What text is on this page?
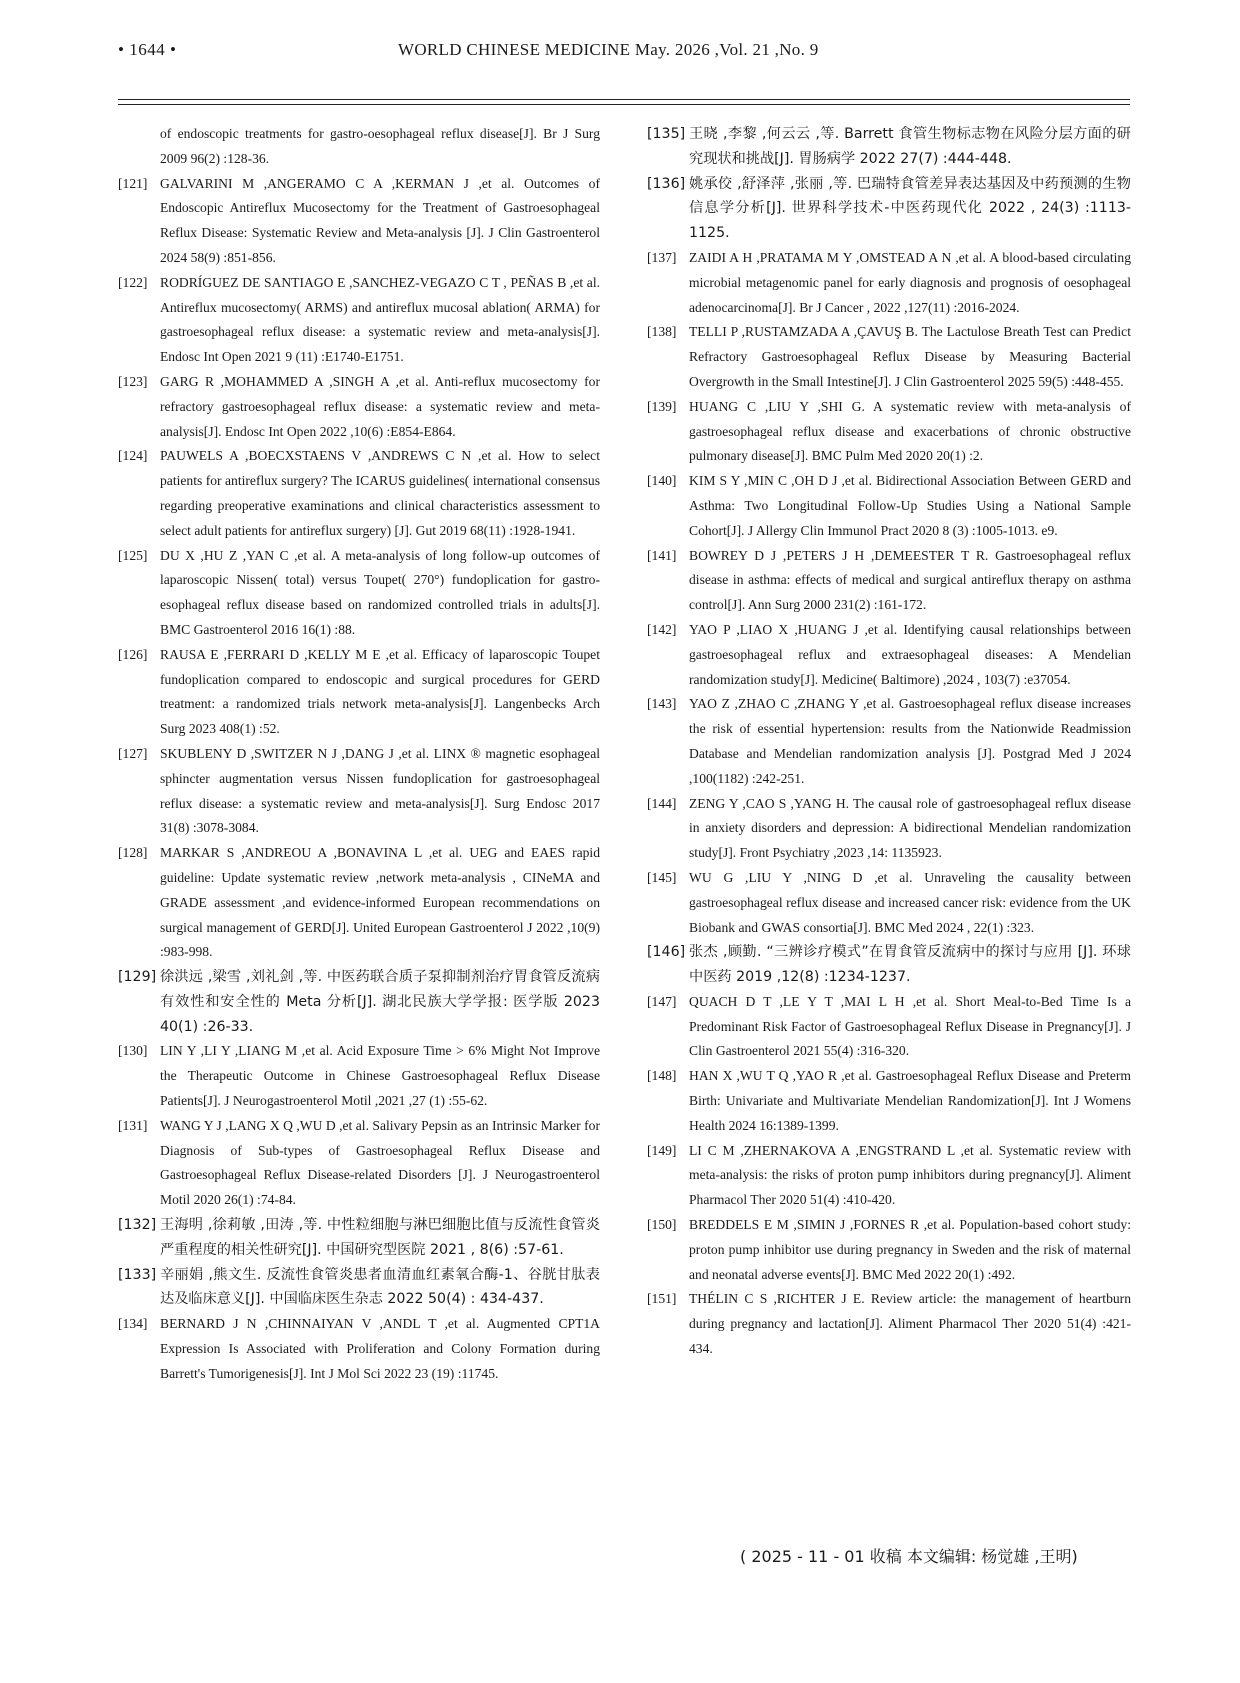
• 1644 •	WORLD CHINESE MEDICINE May. 2026 ,Vol. 21 ,No. 9

of endoscopic treatments for gastro-oesophageal reflux disease[J]. Br J Surg 2009 96(2) :128-36.

[121] GALVARINI M ,ANGERAMO C A ,KERMAN J ,et al. Outcomes of Endoscopic Antireflux Mucosectomy for the Treatment of Gastroesophageal Reflux Disease: Systematic Review and Meta-analysis [J]. J Clin Gastroenterol 2024 58(9) :851-856.

[122] RODRÍGUEZ DE SANTIAGO E ,SANCHEZ-VEGAZO C T , PEÑAS B ,et al. Antireflux mucosectomy( ARMS) and antireflux mucosal ablation( ARMA) for gastroesophageal reflux disease: a systematic review and meta-analysis[J]. Endosc Int Open 2021 9 (11) :E1740-E1751.

[123] GARG R ,MOHAMMED A ,SINGH A ,et al. Anti-reflux mucosectomy for refractory gastroesophageal reflux disease: a systematic review and meta-analysis[J]. Endosc Int Open 2022 ,10(6) :E854-E864.

[124] PAUWELS A ,BOECXSTAENS V ,ANDREWS C N ,et al. How to select patients for antireflux surgery? The ICARUS guidelines( international consensus regarding preoperative examinations and clinical characteristics assessment to select adult patients for antireflux surgery) [J]. Gut 2019 68(11) :1928-1941.

[125] DU X ,HU Z ,YAN C ,et al. A meta-analysis of long follow-up outcomes of laparoscopic Nissen( total) versus Toupet( 270°) fundoplication for gastro-esophageal reflux disease based on randomized controlled trials in adults[J]. BMC Gastroenterol 2016 16(1) :88.

[126] RAUSA E ,FERRARI D ,KELLY M E ,et al. Efficacy of laparoscopic Toupet fundoplication compared to endoscopic and surgical procedures for GERD treatment: a randomized trials network meta-analysis[J]. Langenbecks Arch Surg 2023 408(1) :52.

[127] SKUBLENY D ,SWITZER N J ,DANG J ,et al. LINX ® magnetic esophageal sphincter augmentation versus Nissen fundoplication for gastroesophageal reflux disease: a systematic review and meta-analysis[J]. Surg Endosc 2017 31(8) :3078-3084.

[128] MARKAR S ,ANDREOU A ,BONAVINA L ,et al. UEG and EAES rapid guideline: Update systematic review ,network meta-analysis , CINeMA and GRADE assessment ,and evidence-informed European recommendations on surgical management of GERD[J]. United European Gastroenterol J 2022 ,10(9) :983-998.

[129] 徐洪远 ,梁雪 ,刘礼剑 ,等. 中医药联合质子泵抑制剂治疗胃食管反流病有效性和安全性的 Meta 分析[J]. 湖北民族大学学报: 医学版 2023 40(1) :26-33.

[130] LIN Y ,LI Y ,LIANG M ,et al. Acid Exposure Time > 6% Might Not Improve the Therapeutic Outcome in Chinese Gastroesophageal Reflux Disease Patients[J]. J Neurogastroenterol Motil ,2021 ,27 (1) :55-62.

[131] WANG Y J ,LANG X Q ,WU D ,et al. Salivary Pepsin as an Intrinsic Marker for Diagnosis of Sub-types of Gastroesophageal Reflux Disease and Gastroesophageal Reflux Disease-related Disorders [J]. J Neurogastroenterol Motil 2020 26(1) :74-84.

[132] 王海明 ,徐莉敏 ,田涛 ,等. 中性粒细胞与淋巴细胞比值与反流性食管炎严重程度的相关性研究[J]. 中国研究型医院 2021 , 8(6) :57-61.

[133] 辛丽娟 ,熊文生. 反流性食管炎患者血清血红素氧合酶-1、谷胱甘肽表达及临床意义[J]. 中国临床医生杂志 2022 50(4) : 434-437.

[134] BERNARD J N ,CHINNAIYAN V ,ANDL T ,et al. Augmented CPT1A Expression Is Associated with Proliferation and Colony Formation during Barrett's Tumorigenesis[J]. Int J Mol Sci 2022 23 (19) :11745.

[135] 王晓 ,李黎 ,何云云 ,等. Barrett 食管生物标志物在风险分层方面的研究现状和挑战[J]. 胃肠病学 2022 27(7) :444-448.

[136] 姚承佼 ,舒泽萍 ,张丽 ,等. 巴瑞特食管差异表达基因及中药预测的生物信息学分析[J]. 世界科学技术-中医药现代化 2022 , 24(3) :1113-1125.

[137] ZAIDI A H ,PRATAMA M Y ,OMSTEAD A N ,et al. A blood-based circulating microbial metagenomic panel for early diagnosis and prognosis of oesophageal adenocarcinoma[J]. Br J Cancer , 2022 ,127(11) :2016-2024.

[138] TELLI P ,RUSTAMZADA A ,ÇAVUŞ B. The Lactulose Breath Test can Predict Refractory Gastroesophageal Reflux Disease by Measuring Bacterial Overgrowth in the Small Intestine[J]. J Clin Gastroenterol 2025 59(5) :448-455.

[139] HUANG C ,LIU Y ,SHI G. A systematic review with meta-analysis of gastroesophageal reflux disease and exacerbations of chronic obstructive pulmonary disease[J]. BMC Pulm Med 2020 20(1) :2.

[140] KIM S Y ,MIN C ,OH D J ,et al. Bidirectional Association Between GERD and Asthma: Two Longitudinal Follow-Up Studies Using a National Sample Cohort[J]. J Allergy Clin Immunol Pract 2020 8 (3) :1005-1013. e9.

[141] BOWREY D J ,PETERS J H ,DEMEESTER T R. Gastroesophageal reflux disease in asthma: effects of medical and surgical antireflux therapy on asthma control[J]. Ann Surg 2000 231(2) :161-172.

[142] YAO P ,LIAO X ,HUANG J ,et al. Identifying causal relationships between gastroesophageal reflux and extraesophageal diseases: A Mendelian randomization study[J]. Medicine( Baltimore) ,2024 , 103(7) :e37054.

[143] YAO Z ,ZHAO C ,ZHANG Y ,et al. Gastroesophageal reflux disease increases the risk of essential hypertension: results from the Nationwide Readmission Database and Mendelian randomization analysis [J]. Postgrad Med J 2024 ,100(1182) :242-251.

[144] ZENG Y ,CAO S ,YANG H. The causal role of gastroesophageal reflux disease in anxiety disorders and depression: A bidirectional Mendelian randomization study[J]. Front Psychiatry ,2023 ,14: 1135923.

[145] WU G ,LIU Y ,NING D ,et al. Unraveling the causality between gastroesophageal reflux disease and increased cancer risk: evidence from the UK Biobank and GWAS consortia[J]. BMC Med 2024 , 22(1) :323.

[146] 张杰 ,顾勤. “三辨诊疗模式”在胃食管反流病中的探讨与应用 [J]. 环球中医药 2019 ,12(8) :1234-1237.

[147] QUACH D T ,LE Y T ,MAI L H ,et al. Short Meal-to-Bed Time Is a Predominant Risk Factor of Gastroesophageal Reflux Disease in Pregnancy[J]. J Clin Gastroenterol 2021 55(4) :316-320.

[148] HAN X ,WU T Q ,YAO R ,et al. Gastroesophageal Reflux Disease and Preterm Birth: Univariate and Multivariate Mendelian Randomization[J]. Int J Womens Health 2024 16:1389-1399.

[149] LI C M ,ZHERNAKOVA A ,ENGSTRAND L ,et al. Systematic review with meta-analysis: the risks of proton pump inhibitors during pregnancy[J]. Aliment Pharmacol Ther 2020 51(4) :410-420.

[150] BREDDELS E M ,SIMIN J ,FORNES R ,et al. Population-based cohort study: proton pump inhibitor use during pregnancy in Sweden and the risk of maternal and neonatal adverse events[J]. BMC Med 2022 20(1) :492.

[151] THÉLIN C S ,RICHTER J E. Review article: the management of heartburn during pregnancy and lactation[J]. Aliment Pharmacol Ther 2020 51(4) :421-434.

( 2025 - 11 - 01 收稿 本文编辑: 杨觉雄 ,王明)
